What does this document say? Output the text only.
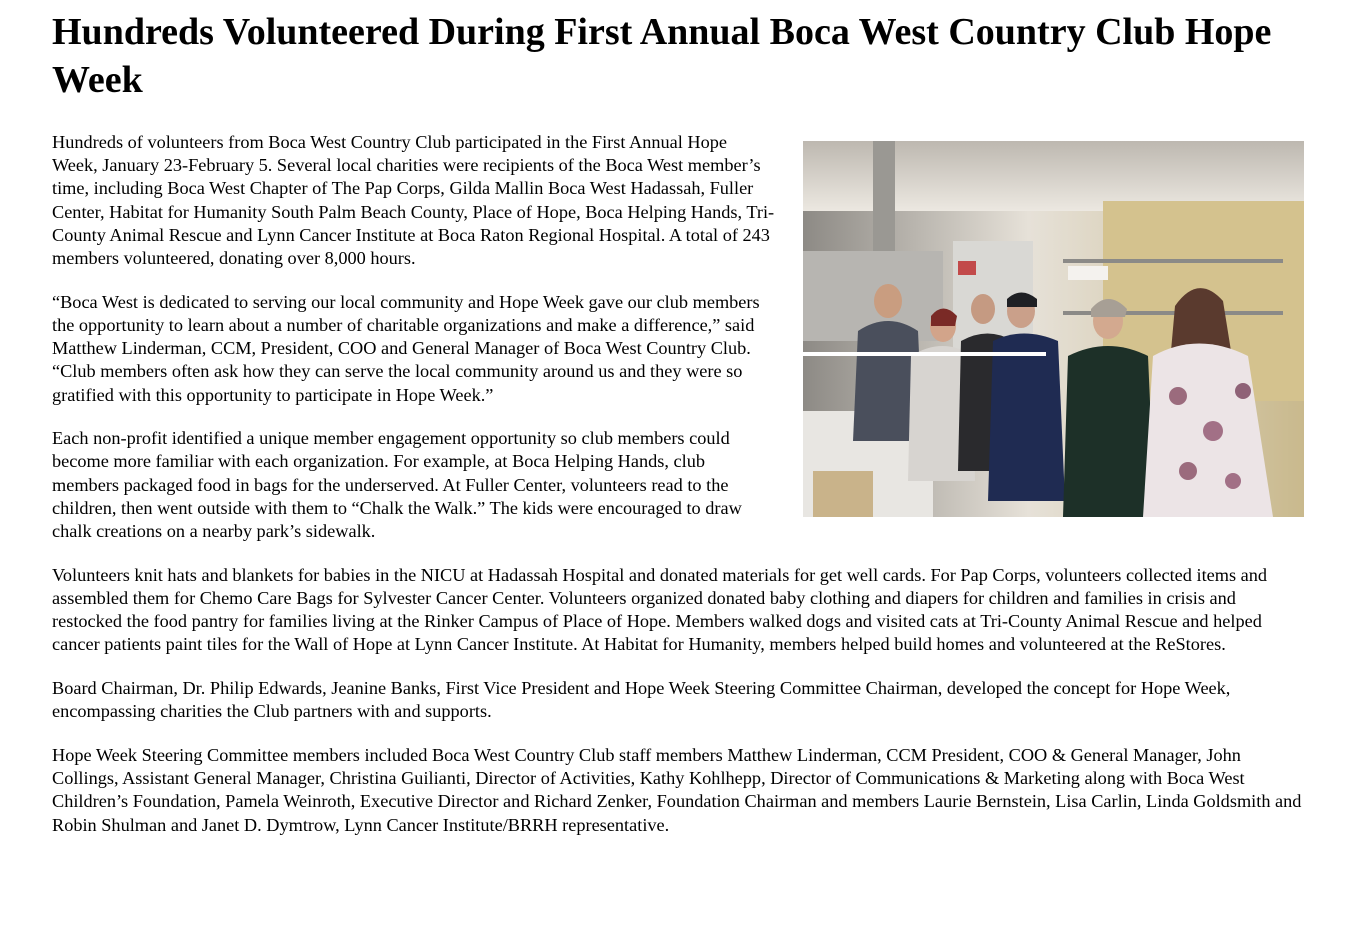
Hundreds Volunteered During First Annual Boca West Country Club Hope Week

Hundreds of volunteers from Boca West Country Club participated in the First Annual Hope Week, January 23-February 5. Several local charities were recipients of the Boca West member’s time, including Boca West Chapter of The Pap Corps, Gilda Mallin Boca West Hadassah, Fuller Center, Habitat for Humanity South Palm Beach County, Place of Hope, Boca Helping Hands, Tri-County Animal Rescue and Lynn Cancer Institute at Boca Raton Regional Hospital. A total of 243 members volunteered, donating over 8,000 hours.

“Boca West is dedicated to serving our local community and Hope Week gave our club members the opportunity to learn about a number of charitable organizations and make a difference,” said Matthew Linderman, CCM, President, COO and General Manager of Boca West Country Club. “Club members often ask how they can serve the local community around us and they were so gratified with this opportunity to participate in Hope Week.”

Each non-profit identified a unique member engagement opportunity so club members could become more familiar with each organization. For example, at Boca Helping Hands, club members packaged food in bags for the underserved. At Fuller Center, volunteers read to the children, then went outside with them to “Chalk the Walk.” The kids were encouraged to draw chalk creations on a nearby park’s sidewalk.

Volunteers knit hats and blankets for babies in the NICU at Hadassah Hospital and donated materials for get well cards. For Pap Corps, volunteers collected items and assembled them for Chemo Care Bags for Sylvester Cancer Center. Volunteers organized donated baby clothing and diapers for children and families in crisis and restocked the food pantry for families living at the Rinker Campus of Place of Hope. Members walked dogs and visited cats at Tri-County Animal Rescue and helped cancer patients paint tiles for the Wall of Hope at Lynn Cancer Institute. At Habitat for Humanity, members helped build homes and volunteered at the ReStores.

Board Chairman, Dr. Philip Edwards, Jeanine Banks, First Vice President and Hope Week Steering Committee Chairman, developed the concept for Hope Week, encompassing charities the Club partners with and supports.

Hope Week Steering Committee members included Boca West Country Club staff members Matthew Linderman, CCM President, COO & General Manager, John Collings, Assistant General Manager, Christina Guilianti, Director of Activities, Kathy Kohlhepp, Director of Communications & Marketing along with Boca West Children’s Foundation, Pamela Weinroth, Executive Director and Richard Zenker, Foundation Chairman and members Laurie Bernstein, Lisa Carlin, Linda Goldsmith and Robin Shulman and Janet D. Dymtrow, Lynn Cancer Institute/BRRH representative.
